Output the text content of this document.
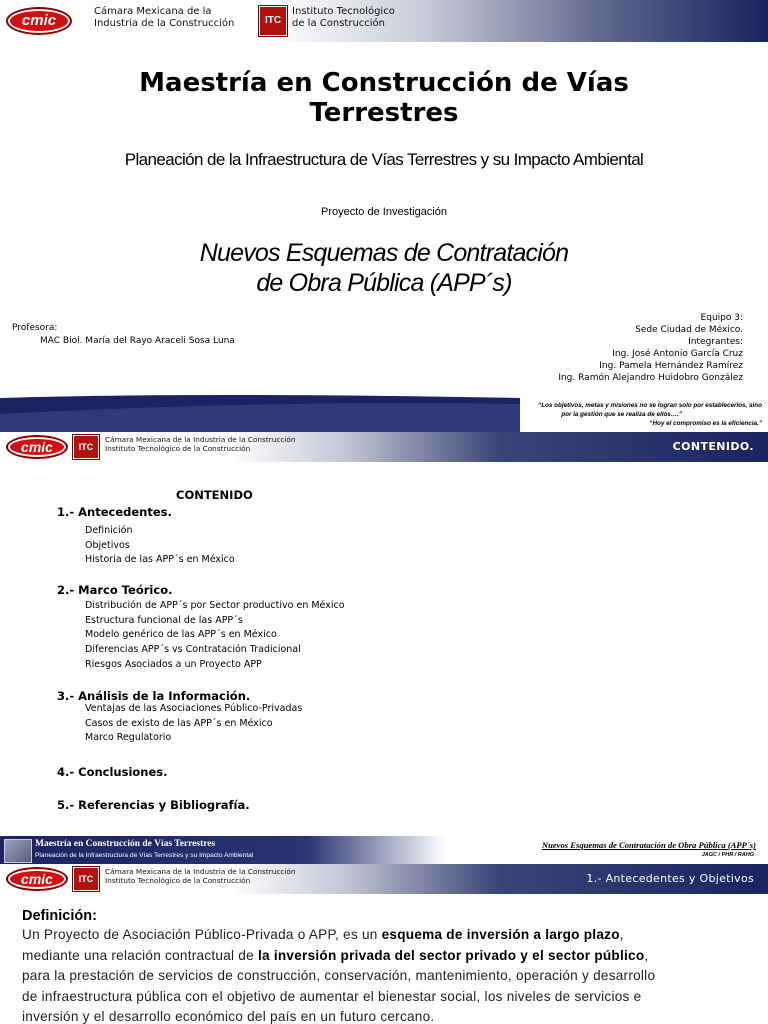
cmic
Cámara Mexicana de la
Industria de la Construcción	ITC
Instituto Tecnológico
de la Construcción
Maestría en Construcción de Vías
Terrestres
Planeación de la Infraestructura de Vías Terrestres y su Impacto Ambiental
Proyecto de Investigación
Nuevos Esquemas de Contratación
de Obra Pública (APP´s)
Profesora:
MAC Biol. María del Rayo Araceli Sosa Luna
Equipo 3:
Sede Ciudad de México.
Integrantes:
Ing. José Antonio García Cruz
Ing. Pamela Hernández Ramírez
Ing. Ramón Alejandro Huidobro González
“Los objetivos, metas y misiones no se logran solo por establecerlos, sino
por la gestión que se realiza de ellos….”
“Hoy el compromiso es la eficiencia.”
cmic	ITC
Cámara Mexicana de la Industria de la Construcción
Instituto Tecnológico de la Construcción	CONTENIDO.
CONTENIDO
1.- Antecedentes.
Definición
Objetivos
Historia de las APP´s en México
2.- Marco Teórico.
Distribución de APP´s por Sector productivo en México
Estructura funcional de las APP´s
Modelo genérico de las APP´s en México
Diferencias APP´s vs Contratación Tradicional
Riesgos Asociados a un Proyecto APP
3.- Análisis de la Información.
Ventajas de las Asociaciones Público-Privadas
Casos de existo de las APP´s en México
Marco Regulatorio
4.- Conclusiones.
5.- Referencias y Bibliografía.
Maestría en Construcción de Vías Terrestres
Planeación de la Infraestructura de Vías Terrestres y su Impacto Ambiental
Nuevos Esquemas de Contratación de Obra Pública (APP´s)
JAGC / PHR / RAHG
cmic	ITC
Cámara Mexicana de la Industria de la Construcción
Instituto Tecnológico de la Construcción	1.- Antecedentes y Objetivos
Definición:
Un Proyecto de Asociación Público-Privada o APP, es un esquema de inversión a largo plazo,
mediante una relación contractual de la inversión privada del sector privado y el sector público,
para la prestación de servicios de construcción, conservación, mantenimiento, operación y desarrollo
de infraestructura pública con el objetivo de aumentar el bienestar social, los niveles de servicios e
inversión y el desarrollo económico del país en un futuro cercano.
